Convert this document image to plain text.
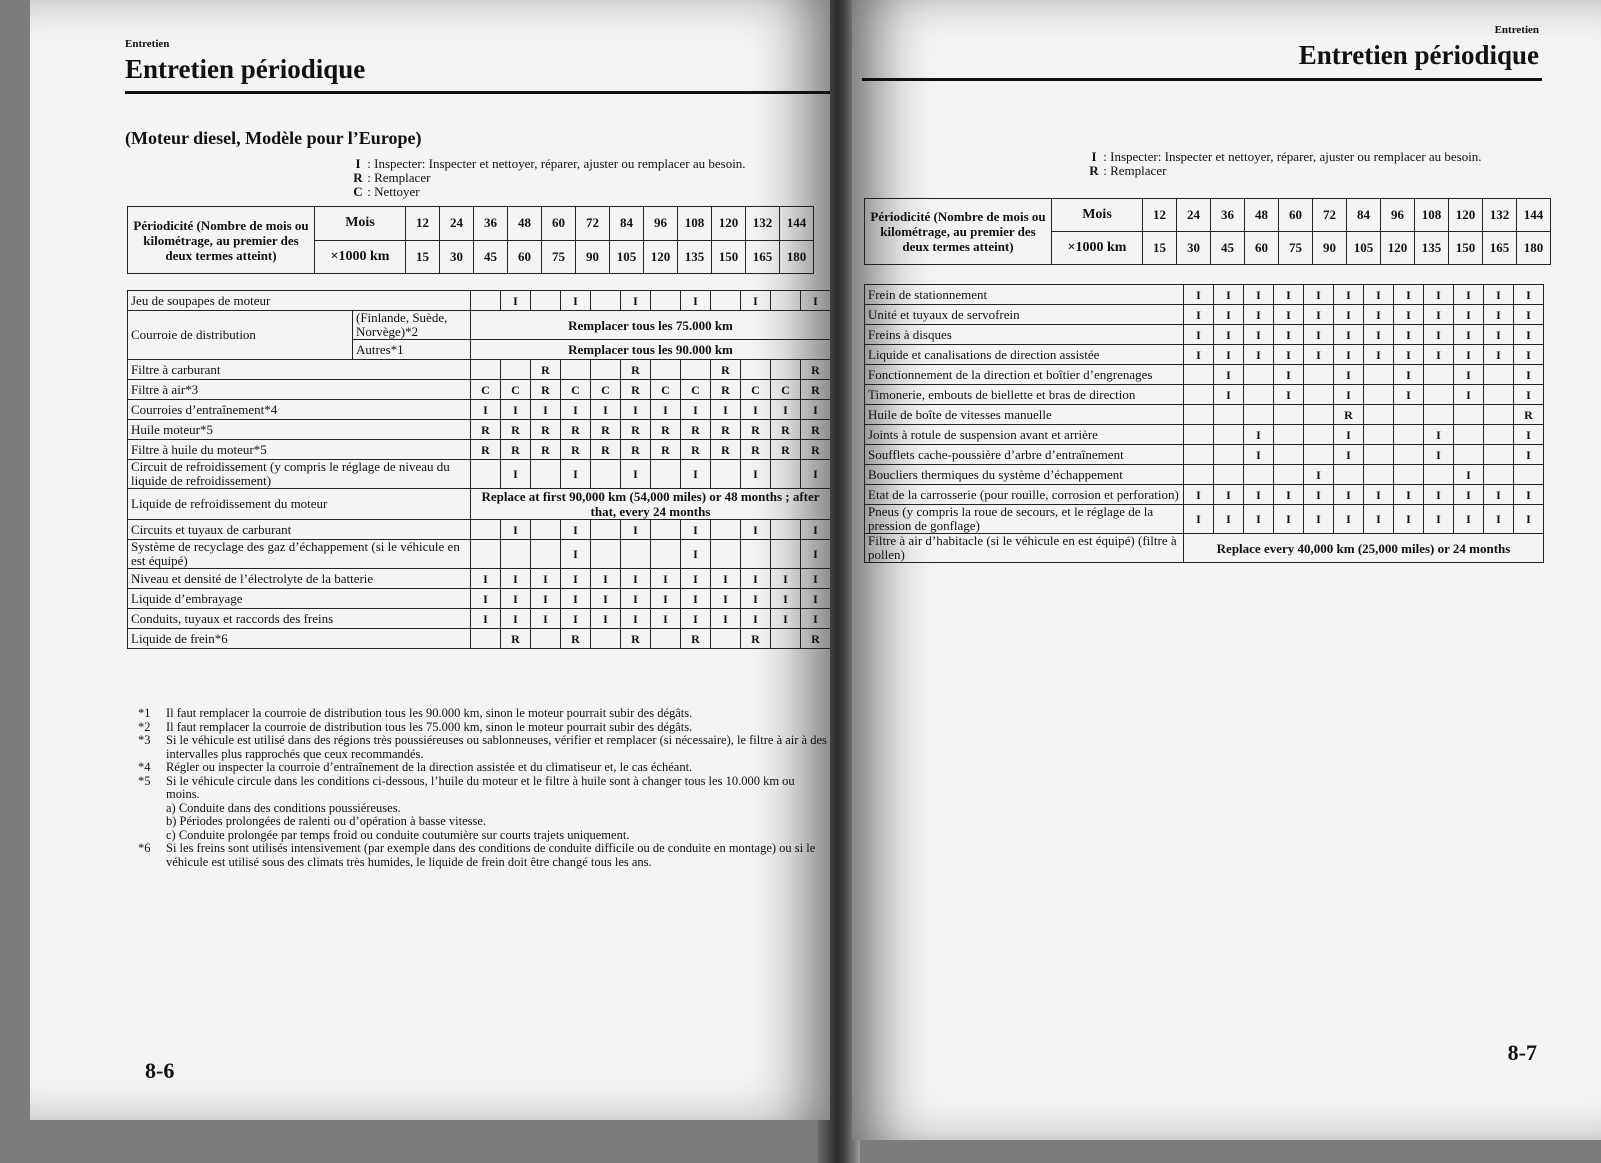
Entretien
Entretien périodique
(Moteur diesel, Modèle pour l’Europe)
I : Inspecter: Inspecter et nettoyer, réparer, ajuster ou remplacer au besoin.
R : Remplacer
C : Nettoyer
Périodicité (Nombre de mois ou kilométrage, au premier des deux termes atteint)	Mois	12	24	36	48	60	72	84	96	108	120	132	144
	×1000 km	15	30	45	60	75	90	105	120	135	150	165	180
Jeu de soupapes de moteur			I		I		I		I		I		I
Courroie de distribution	(Finlande, Suède, Norvège)*2	Remplacer tous les 75.000 km											
	Autres*1	Remplacer tous les 90.000 km											
Filtre à carburant				R			R			R			R
Filtre à air*3		C	C	R	C	C	R	C	C	R	C	C	R
Courroies d’entraînement*4		I	I	I	I	I	I	I	I	I	I	I	I
Huile moteur*5		R	R	R	R	R	R	R	R	R	R	R	R
Filtre à huile du moteur*5		R	R	R	R	R	R	R	R	R	R	R	R
Circuit de refroidissement (y compris le réglage de niveau du liquide de refroidissement)			I		I		I		I		I		I
Liquide de refroidissement du moteur		Replace at first 90,000 km (54,000 miles) or 48 months ; after that, every 24 months											
Circuits et tuyaux de carburant			I		I		I		I		I		I
Système de recyclage des gaz d’échappement (si le véhicule en est équipé)					I				I				I
Niveau et densité de l’électrolyte de la batterie		I	I	I	I	I	I	I	I	I	I	I	I
Liquide d’embrayage		I	I	I	I	I	I	I	I	I	I	I	I
Conduits, tuyaux et raccords des freins		I	I	I	I	I	I	I	I	I	I	I	I
Liquide de frein*6			R		R		R		R		R		R
*1	Il faut remplacer la courroie de distribution tous les 90.000 km, sinon le moteur pourrait subir des dégâts.
*2	Il faut remplacer la courroie de distribution tous les 75.000 km, sinon le moteur pourrait subir des dégâts.
*3	Si le véhicule est utilisé dans des régions très poussiéreuses ou sablonneuses, vérifier et remplacer (si nécessaire), le filtre à air à des intervalles plus rapprochés que ceux recommandés.
*4	Régler ou inspecter la courroie d’entraînement de la direction assistée et du climatiseur et, le cas échéant.
*5	Si le véhicule circule dans les conditions ci-dessous, l’huile du moteur et le filtre à huile sont à changer tous les 10.000 km ou moins.
a) Conduite dans des conditions poussiéreuses.
b) Périodes prolongées de ralenti ou d’opération à basse vitesse.
c) Conduite prolongée par temps froid ou conduite coutumière sur courts trajets uniquement.
*6	Si les freins sont utilisés intensivement (par exemple dans des conditions de conduite difficile ou de conduite en montage) ou si le véhicule est utilisé sous des climats très humides, le liquide de frein doit être changé tous les ans.
8-6
Entretien
Entretien périodique
I : Inspecter: Inspecter et nettoyer, réparer, ajuster ou remplacer au besoin.
R : Remplacer
Périodicité (Nombre de mois ou kilométrage, au premier des deux termes atteint)	Mois	12	24	36	48	60	72	84	96	108	120	132	144
	×1000 km	15	30	45	60	75	90	105	120	135	150	165	180
Frein de stationnement	I	I	I	I	I	I	I	I	I	I	I	I
Unité et tuyaux de servofrein	I	I	I	I	I	I	I	I	I	I	I	I
Freins à disques	I	I	I	I	I	I	I	I	I	I	I	I
Liquide et canalisations de direction assistée	I	I	I	I	I	I	I	I	I	I	I	I
Fonctionnement de la direction et boîtier d’engrenages		I		I		I		I		I		I
Timonerie, embouts de biellette et bras de direction		I		I		I		I		I		I
Huile de boîte de vitesses manuelle						R						R
Joints à rotule de suspension avant et arrière			I			I			I			I
Soufflets cache-poussière d’arbre d’entraînement			I			I			I			I
Boucliers thermiques du système d’échappement					I					I		
Etat de la carrosserie (pour rouille, corrosion et perforation)	I	I	I	I	I	I	I	I	I	I	I	I
Pneus (y compris la roue de secours, et le réglage de la pression de gonflage)	I	I	I	I	I	I	I	I	I	I	I	I
Filtre à air d’habitacle (si le véhicule en est équipé) (filtre à pollen)	Replace every 40,000 km (25,000 miles) or 24 months											
8-7
